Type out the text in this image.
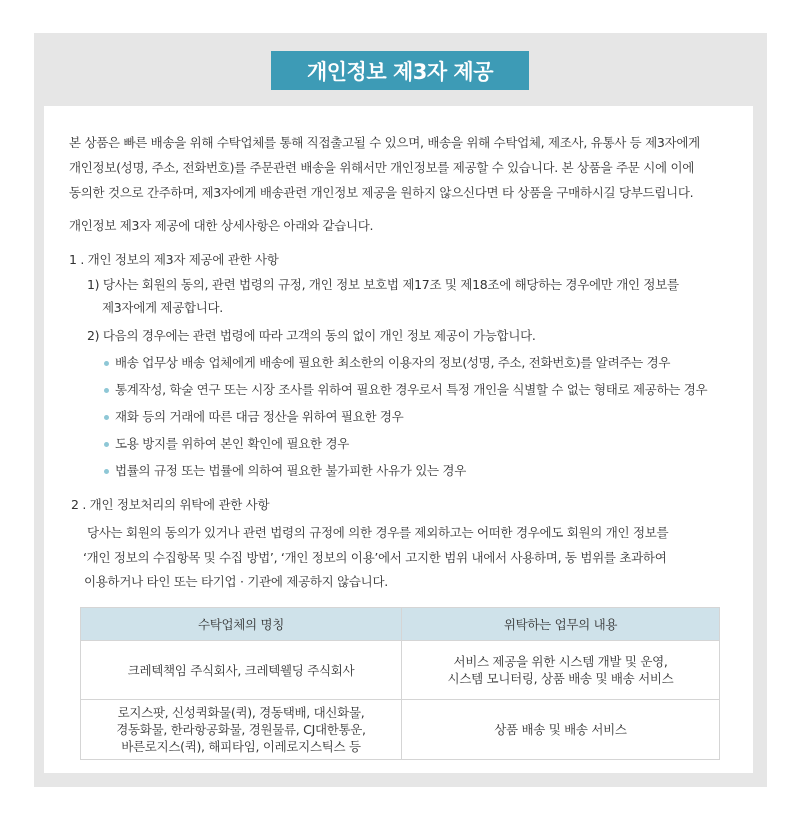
개인정보 제3자 제공
본 상품은 빠른 배송을 위해 수탁업체를 통해 직접출고될 수 있으며, 배송을 위해 수탁업체, 제조사, 유통사 등 제3자에게
개인정보(성명, 주소, 전화번호)를 주문관련 배송을 위해서만 개인정보를 제공할 수 있습니다. 본 상품을 주문 시에 이에
동의한 것으로 간주하며, 제3자에게 배송관련 개인정보 제공을 원하지 않으신다면 타 상품을 구매하시길 당부드립니다.
개인정보 제3자 제공에 대한 상세사항은 아래와 같습니다.
1 . 개인 정보의 제3자 제공에 관한 사항
1) 당사는 회원의 동의, 관련 법령의 규정, 개인 정보 보호법 제17조 및 제18조에 해당하는 경우에만 개인 정보를
제3자에게 제공합니다.
2) 다음의 경우에는 관련 법령에 따라 고객의 동의 없이 개인 정보 제공이 가능합니다.
배송 업무상 배송 업체에게 배송에 필요한 최소한의 이용자의 정보(성명, 주소, 전화번호)를 알려주는 경우
통계작성, 학술 연구 또는 시장 조사를 위하여 필요한 경우로서 특정 개인을 식별할 수 없는 형태로 제공하는 경우
재화 등의 거래에 따른 대금 정산을 위하여 필요한 경우
도용 방지를 위하여 본인 확인에 필요한 경우
법률의 규정 또는 법률에 의하여 필요한 불가피한 사유가 있는 경우
2 . 개인 정보처리의 위탁에 관한 사항
당사는 회원의 동의가 있거나 관련 법령의 규정에 의한 경우를 제외하고는 어떠한 경우에도 회원의 개인 정보를
‘개인 정보의 수집항목 및 수집 방법’, ‘개인 정보의 이용’에서 고지한 범위 내에서 사용하며, 동 범위를 초과하여
이용하거나 타인 또는 타기업 · 기관에 제공하지 않습니다.
수탁업체의 명칭	위탁하는 업무의 내용

크레텍책임 주식회사, 크레텍웰딩 주식회사	서비스 제공을 위한 시스템 개발 및 운영,
시스템 모니터링, 상품 배송 및 배송 서비스

로지스팟, 신성퀵화물(퀵), 경동택배, 대신화물,
경동화물, 한라항공화물, 경원물류, CJ대한통운,
바른로지스(퀵), 해피타임, 이레로지스틱스 등	상품 배송 및 배송 서비스
